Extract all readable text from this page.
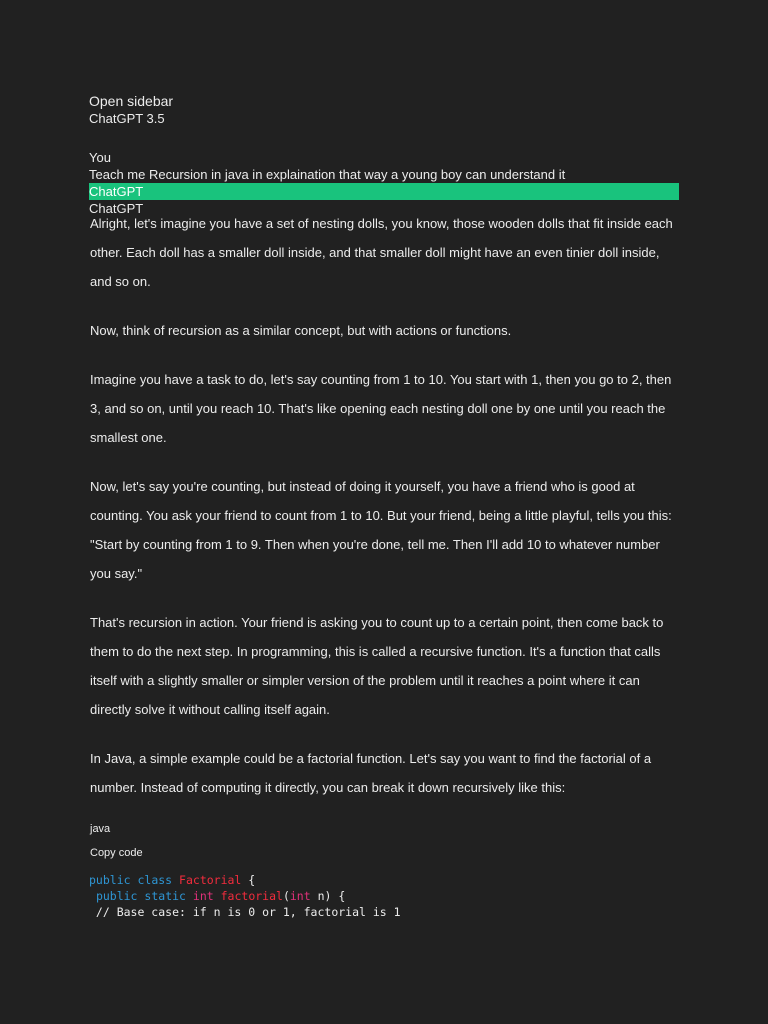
Open sidebar
ChatGPT 3.5
You
Teach me Recursion in java in explaination that way a young boy can understand it
ChatGPT
ChatGPT

Alright, let's imagine you have a set of nesting dolls, you know, those wooden dolls that fit inside each other. Each doll has a smaller doll inside, and that smaller doll might have an even tinier doll inside, and so on.

Now, think of recursion as a similar concept, but with actions or functions.

Imagine you have a task to do, let's say counting from 1 to 10. You start with 1, then you go to 2, then 3, and so on, until you reach 10. That's like opening each nesting doll one by one until you reach the smallest one.

Now, let's say you're counting, but instead of doing it yourself, you have a friend who is good at counting. You ask your friend to count from 1 to 10. But your friend, being a little playful, tells you this: "Start by counting from 1 to 9. Then when you're done, tell me. Then I'll add 10 to whatever number you say."

That's recursion in action. Your friend is asking you to count up to a certain point, then come back to them to do the next step. In programming, this is called a recursive function. It's a function that calls itself with a slightly smaller or simpler version of the problem until it reaches a point where it can directly solve it without calling itself again.

In Java, a simple example could be a factorial function. Let's say you want to find the factorial of a number. Instead of computing it directly, you can break it down recursively like this:

java
Copy code
public class Factorial {
public static int factorial(int n) {
// Base case: if n is 0 or 1, factorial is 1
